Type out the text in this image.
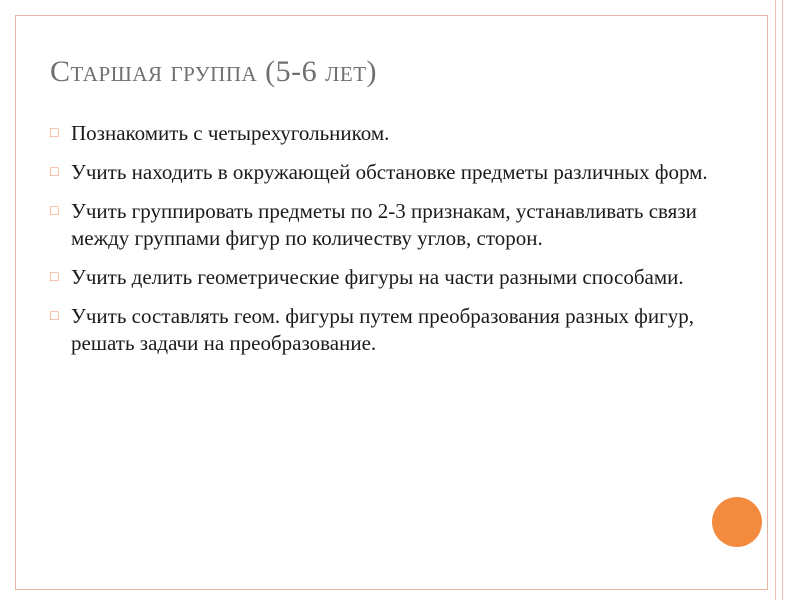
Старшая группа (5-6 лет)
□ Познакомить с четырехугольником.
□ Учить находить в окружающей обстановке предметы различных форм.
□ Учить группировать предметы по 2-3 признакам, устанавливать связи между группами фигур по количеству углов, сторон.
□ Учить делить геометрические фигуры на части разными способами.
□ Учить составлять геом. фигуры путем преобразования разных фигур, решать задачи на преобразование.
